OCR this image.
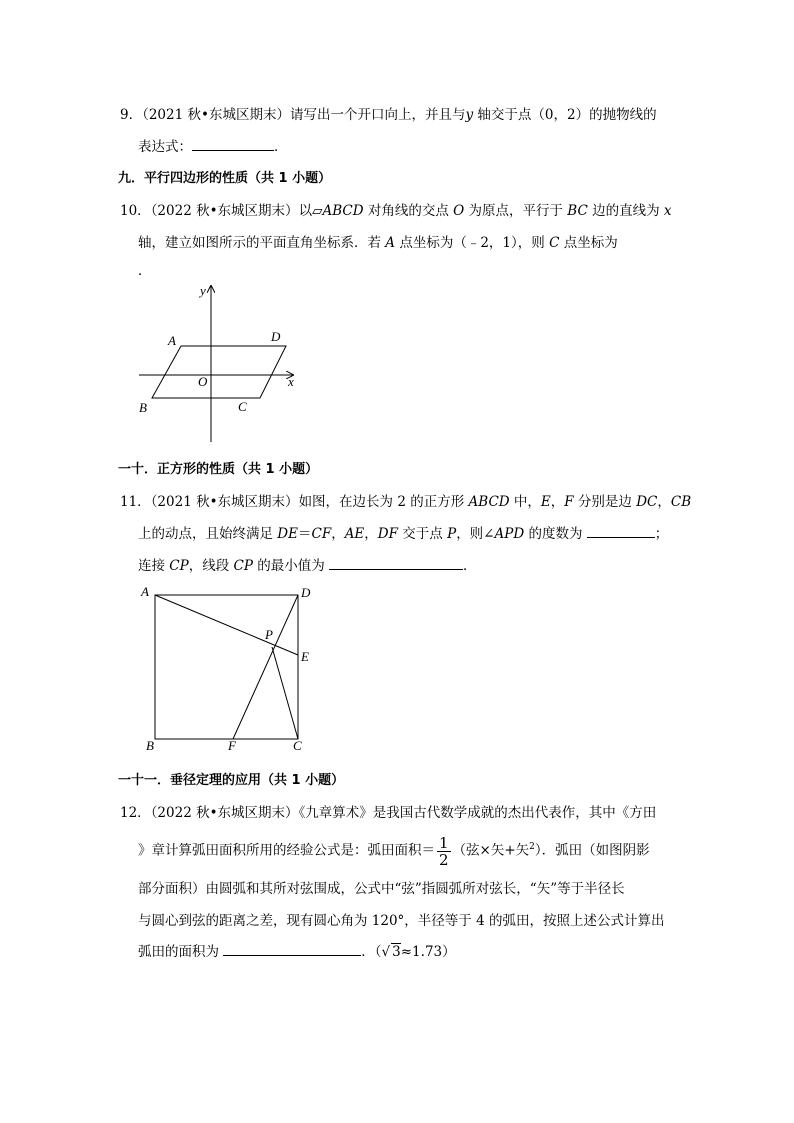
9．（2021 秋•东城区期末）请写出一个开口向上，并且与y 轴交于点（0，2）的抛物线的
表达式：	．
九．平行四边形的性质（共 1 小题）
10．（2022 秋•东城区期末）以▱ABCD 对角线的交点 O 为原点，平行于 BC 边的直线为 x
轴，建立如图所示的平面直角坐标系．若 A 点坐标为（﹣2，1），则 C 点坐标为
．
y
x
A	D
O
B	C
一十．正方形的性质（共 1 小题）
11．（2021 秋•东城区期末）如图，在边长为 2 的正方形 ABCD 中，E，F 分别是边 DC，CB
上的动点，且始终满足 DE＝CF，AE，DF 交于点 P，则∠APD 的度数为	；
连接 CP，线段 CP 的最小值为	．
A	D
P
E
B	F	C
一十一．垂径定理的应用（共 1 小题）
12．（2022 秋•东城区期末）《九章算术》是我国古代数学成就的杰出代表作，其中《方田
》章计算弧田面积所用的经验公式是：弧田面积＝ $\frac{1}{2}$ （弦×矢+矢$^2$）．弧田（如图阴影
部分面积）由圆弧和其所对弦围成，公式中“弦”指圆弧所对弦长，“矢”等于半径长
与圆心到弦的距离之差，现有圆心角为 120°，半径等于 4 的弧田，按照上述公式计算出
弧田的面积为	．（√ 3≈1.73）
